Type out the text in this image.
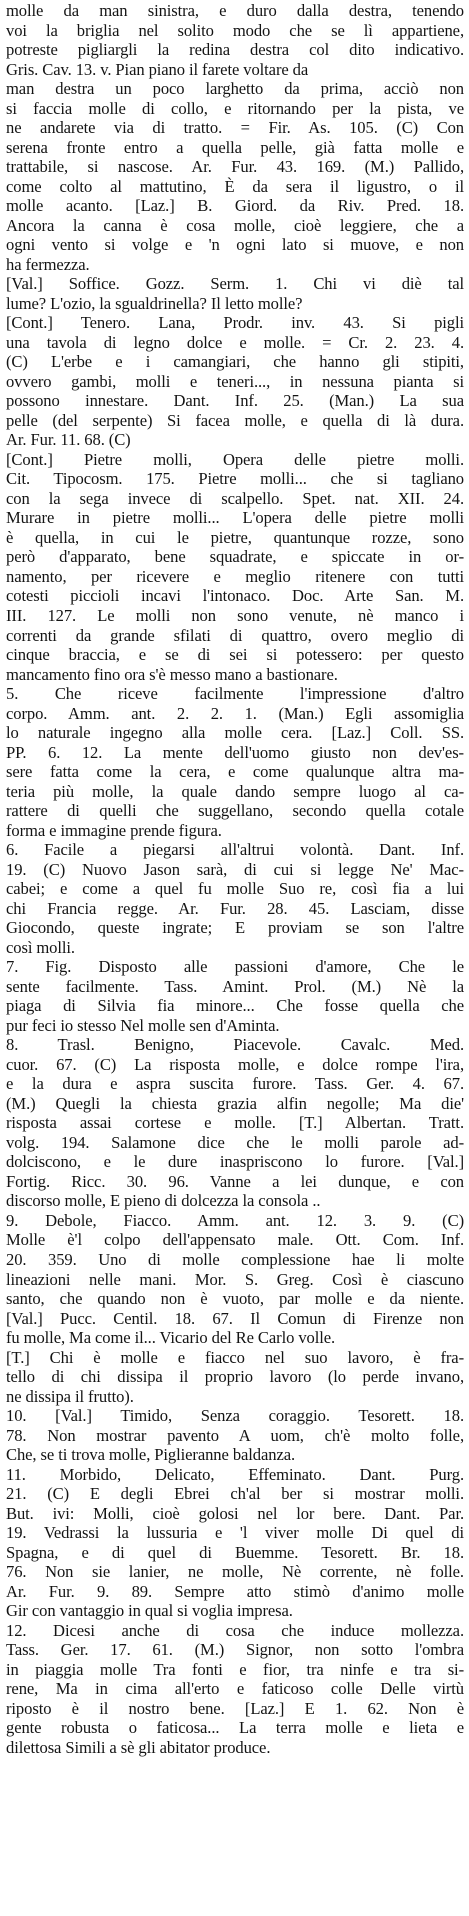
molle da man sinistra, e duro dalla destra, tenendo
voi la briglia nel solito modo che se lì appartiene,
potreste pigliargli la redina destra col dito indicativo.
Gris. Cav. 13. v. Pian piano il farete voltare da
man destra un poco larghetto da prima, acciò non
si faccia molle di collo, e ritornando per la pista, ve
ne andarete via di tratto. = Fir. As. 105. (C) Con
serena fronte entro a quella pelle, già fatta molle e
trattabile, si nascose. Ar. Fur. 43. 169. (M.) Pallido,
come colto al mattutino, È da sera il ligustro, o il
molle acanto. [Laz.] B. Giord. da Riv. Pred. 18.
Ancora la canna è cosa molle, cioè leggiere, che a
ogni vento si volge e 'n ogni lato si muove, e non
ha fermezza.
[Val.] Soffice. Gozz. Serm. 1. Chi vi diè tal
lume? L'ozio, la sgualdrinella? Il letto molle?
[Cont.] Tenero. Lana, Prodr. inv. 43. Si pigli
una tavola di legno dolce e molle. = Cr. 2. 23. 4.
(C) L'erbe e i camangiari, che hanno gli stipiti,
ovvero gambi, molli e teneri..., in nessuna pianta si
possono innestare. Dant. Inf. 25. (Man.) La sua
pelle (del serpente) Si facea molle, e quella di là dura.
Ar. Fur. 11. 68. (C)
[Cont.] Pietre molli, Opera delle pietre molli.
Cit. Tipocosm. 175. Pietre molli... che si tagliano
con la sega invece di scalpello. Spet. nat. XII. 24.
Murare in pietre molli... L'opera delle pietre molli
è quella, in cui le pietre, quantunque rozze, sono
però d'apparato, bene squadrate, e spiccate in or-
namento, per ricevere e meglio ritenere con tutti
cotesti piccioli incavi l'intonaco. Doc. Arte San. M.
III. 127. Le molli non sono venute, nè manco i
correnti da grande sfilati di quattro, overo meglio di
cinque braccia, e se di sei si potessero: per questo
mancamento fino ora s'è messo mano a bastionare.
5. Che riceve facilmente l'impressione d'altro
corpo. Amm. ant. 2. 2. 1. (Man.) Egli assomiglia
lo naturale ingegno alla molle cera. [Laz.] Coll. SS.
PP. 6. 12. La mente dell'uomo giusto non dev'es-
sere fatta come la cera, e come qualunque altra ma-
teria più molle, la quale dando sempre luogo al ca-
rattere di quelli che suggellano, secondo quella cotale
forma e immagine prende figura.
6. Facile a piegarsi all'altrui volontà. Dant. Inf.
19. (C) Nuovo Jason sarà, di cui si legge Ne' Mac-
cabei; e come a quel fu molle Suo re, così fia a lui
chi Francia regge. Ar. Fur. 28. 45. Lasciam, disse
Giocondo, queste ingrate; E proviam se son l'altre
così molli.
7. Fig. Disposto alle passioni d'amore, Che le
sente facilmente. Tass. Amint. Prol. (M.) Nè la
piaga di Silvia fia minore... Che fosse quella che
pur feci io stesso Nel molle sen d'Aminta.
8. Trasl. Benigno, Piacevole. Cavalc. Med.
cuor. 67. (C) La risposta molle, e dolce rompe l'ira,
e la dura e aspra suscita furore. Tass. Ger. 4. 67.
(M.) Quegli la chiesta grazia alfin negolle; Ma die'
risposta assai cortese e molle. [T.] Albertan. Tratt.
volg. 194. Salamone dice che le molli parole ad-
dolciscono, e le dure inaspriscono lo furore. [Val.]
Fortig. Ricc. 30. 96. Vanne a lei dunque, e con
discorso molle, E pieno di dolcezza la consola ..
9. Debole, Fiacco. Amm. ant. 12. 3. 9. (C)
Molle è'l colpo dell'appensato male. Ott. Com. Inf.
20. 359. Uno di molle complessione hae li molte
lineazioni nelle mani. Mor. S. Greg. Così è ciascuno
santo, che quando non è vuoto, par molle e da niente.
[Val.] Pucc. Centil. 18. 67. Il Comun di Firenze non
fu molle, Ma come il... Vicario del Re Carlo volle.
[T.] Chi è molle e fiacco nel suo lavoro, è fra-
tello di chi dissipa il proprio lavoro (lo perde invano,
ne dissipa il frutto).
10. [Val.] Timido, Senza coraggio. Tesorett. 18.
78. Non mostrar pavento A uom, ch'è molto folle,
Che, se ti trova molle, Piglieranne baldanza.
11. Morbido, Delicato, Effeminato. Dant. Purg.
21. (C) E degli Ebrei ch'al ber si mostrar molli.
But. ivi: Molli, cioè golosi nel lor bere. Dant. Par.
19. Vedrassi la lussuria e 'l viver molle Di quel di
Spagna, e di quel di Buemme. Tesorett. Br. 18.
76. Non sie lanier, ne molle, Nè corrente, nè folle.
Ar. Fur. 9. 89. Sempre atto stimò d'animo molle
Gir con vantaggio in qual si voglia impresa.
12. Dicesi anche di cosa che induce mollezza.
Tass. Ger. 17. 61. (M.) Signor, non sotto l'ombra
in piaggia molle Tra fonti e fior, tra ninfe e tra si-
rene, Ma in cima all'erto e faticoso colle Delle virtù
riposto è il nostro bene. [Laz.] E 1. 62. Non è
gente robusta o faticosa... La terra molle e lieta e
dilettosa Simili a sè gli abitator produce.
